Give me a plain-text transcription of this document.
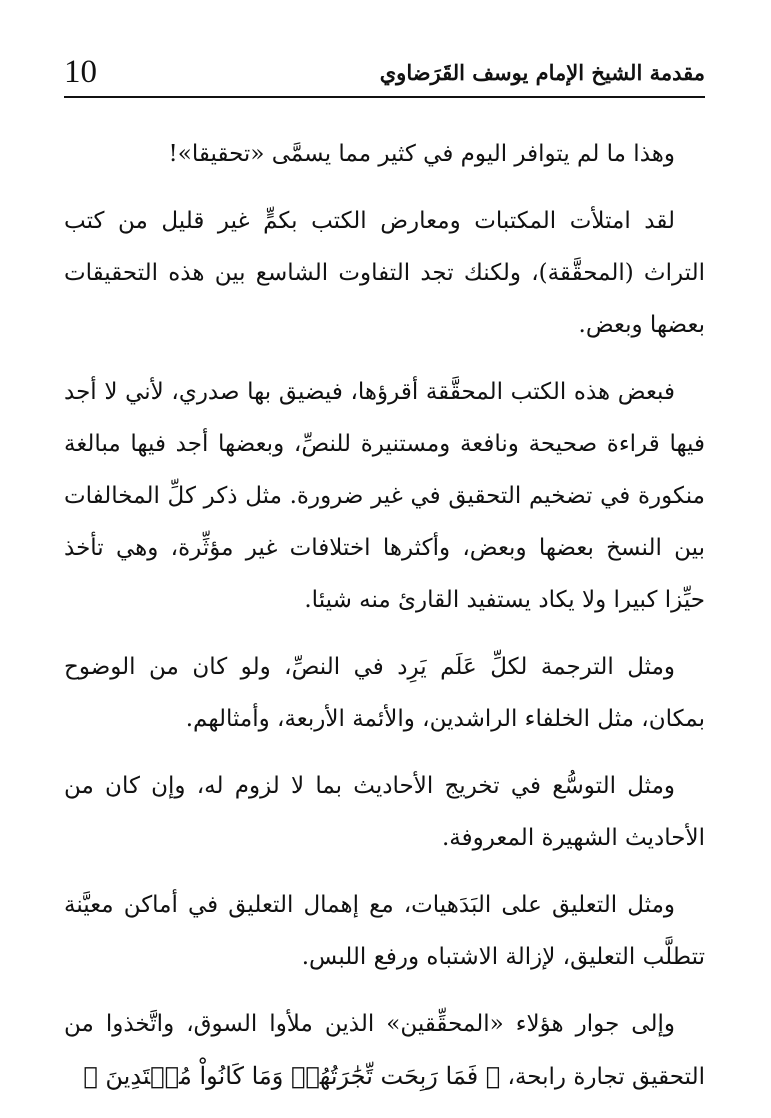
مقدمة الشيخ الإمام يوسف القَرَضاوي
10

وهذا ما لم يتوافر اليوم في كثير مما يسمَّى «تحقيقا»!

لقد امتلأت المكتبات ومعارض الكتب بكمٍّ غير قليل من كتب التراث (المحقَّقة)، ولكنك تجد التفاوت الشاسع بين هذه التحقيقات بعضها وبعض.

فبعض هذه الكتب المحقَّقة أقرؤها، فيضيق بها صدري، لأني لا أجد فيها قراءة صحيحة ونافعة ومستنيرة للنصِّ، وبعضها أجد فيها مبالغة منكورة في تضخيم التحقيق في غير ضرورة. مثل ذكر كلِّ المخالفات بين النسخ بعضها وبعض، وأكثرها اختلافات غير مؤثِّرة، وهي تأخذ حيِّزا كبيرا ولا يكاد يستفيد القارئ منه شيئا.

ومثل الترجمة لكلِّ عَلَم يَرِد في النصِّ، ولو كان من الوضوح بمكان، مثل الخلفاء الراشدين، والأئمة الأربعة، وأمثالهم.

ومثل التوسُّع في تخريج الأحاديث بما لا لزوم له، وإن كان من الأحاديث الشهيرة المعروفة.

ومثل التعليق على البَدَهيات، مع إهمال التعليق في أماكن معيَّنة تتطلَّب التعليق، لإزالة الاشتباه ورفع اللبس.

وإلى جوار هؤلاء «المحقِّقين» الذين ملأوا السوق، واتَّخذوا من التحقيق تجارة رابحة، ﴿ فَمَا رَبِحَت تِّجَٰرَتُهُمۡ وَمَا كَانُواْ مُهۡتَدِينَ ﴾
